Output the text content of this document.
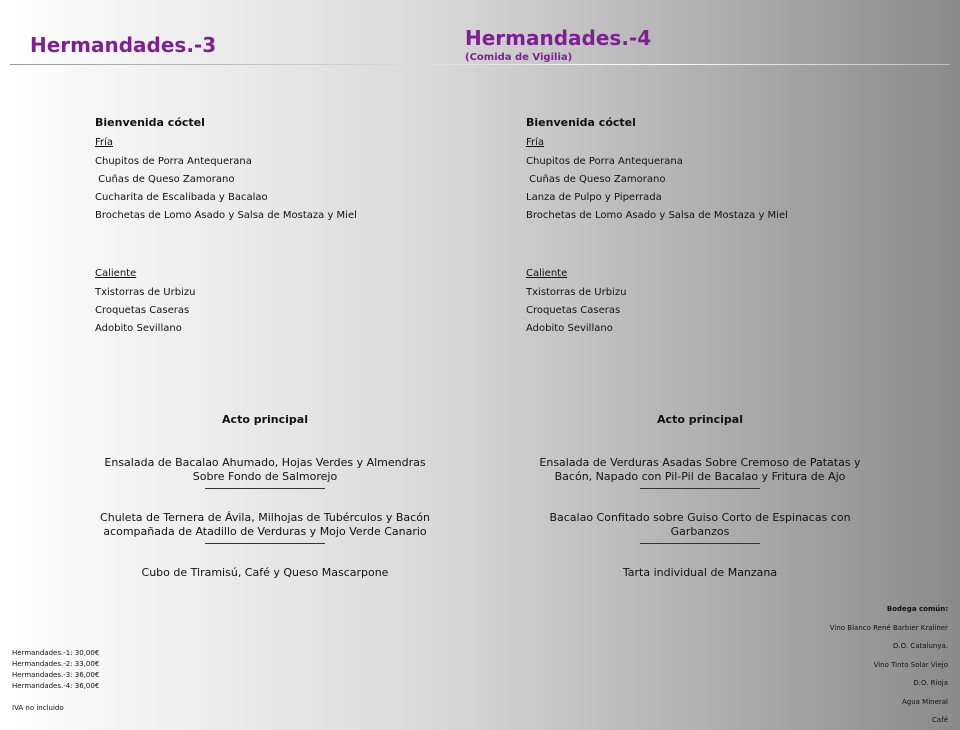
Hermandades.-3	Hermandades.-4
(Comida de Vigilia)
Bienvenida cóctel
Fría
Chupitos de Porra Antequerana
Cuñas de Queso Zamorano
Cucharita de Escalibada y Bacalao
Brochetas de Lomo Asado y Salsa de Mostaza y Miel
Caliente
Txistorras de Urbizu
Croquetas Caseras
Adobito Sevillano
Bienvenida cóctel
Fría
Chupitos de Porra Antequerana
Cuñas de Queso Zamorano
Lanza de Pulpo y Piperrada
Brochetas de Lomo Asado y Salsa de Mostaza y Miel
Caliente
Txistorras de Urbizu
Croquetas Caseras
Adobito Sevillano
Acto principal
Ensalada de Bacalao Ahumado, Hojas Verdes y Almendras Sobre Fondo de Salmorejo
Chuleta de Ternera de Ávila, Milhojas de Tubérculos y Bacón acompañada de Atadillo de Verduras y Mojo Verde Canario
Cubo de Tiramisú, Café y Queso Mascarpone
Acto principal
Ensalada de Verduras Asadas Sobre Cremoso de Patatas y Bacón, Napado con Pil-Pil de Bacalao y Fritura de Ajo
Bacalao Confitado sobre Guiso Corto de Espinacas con Garbanzos
Tarta individual de Manzana
Hermandades.-1: 30,00€
Hermandades.-2: 33,00€
Hermandades.-3: 36,00€
Hermandades.-4: 36,00€
IVA no incluido
Bodega común:
Vino Blanco René Barbier Kraliner
D.O. Catalunya.
Vino Tinto Solar Viejo
D.O. Rioja
Agua Mineral
Café
